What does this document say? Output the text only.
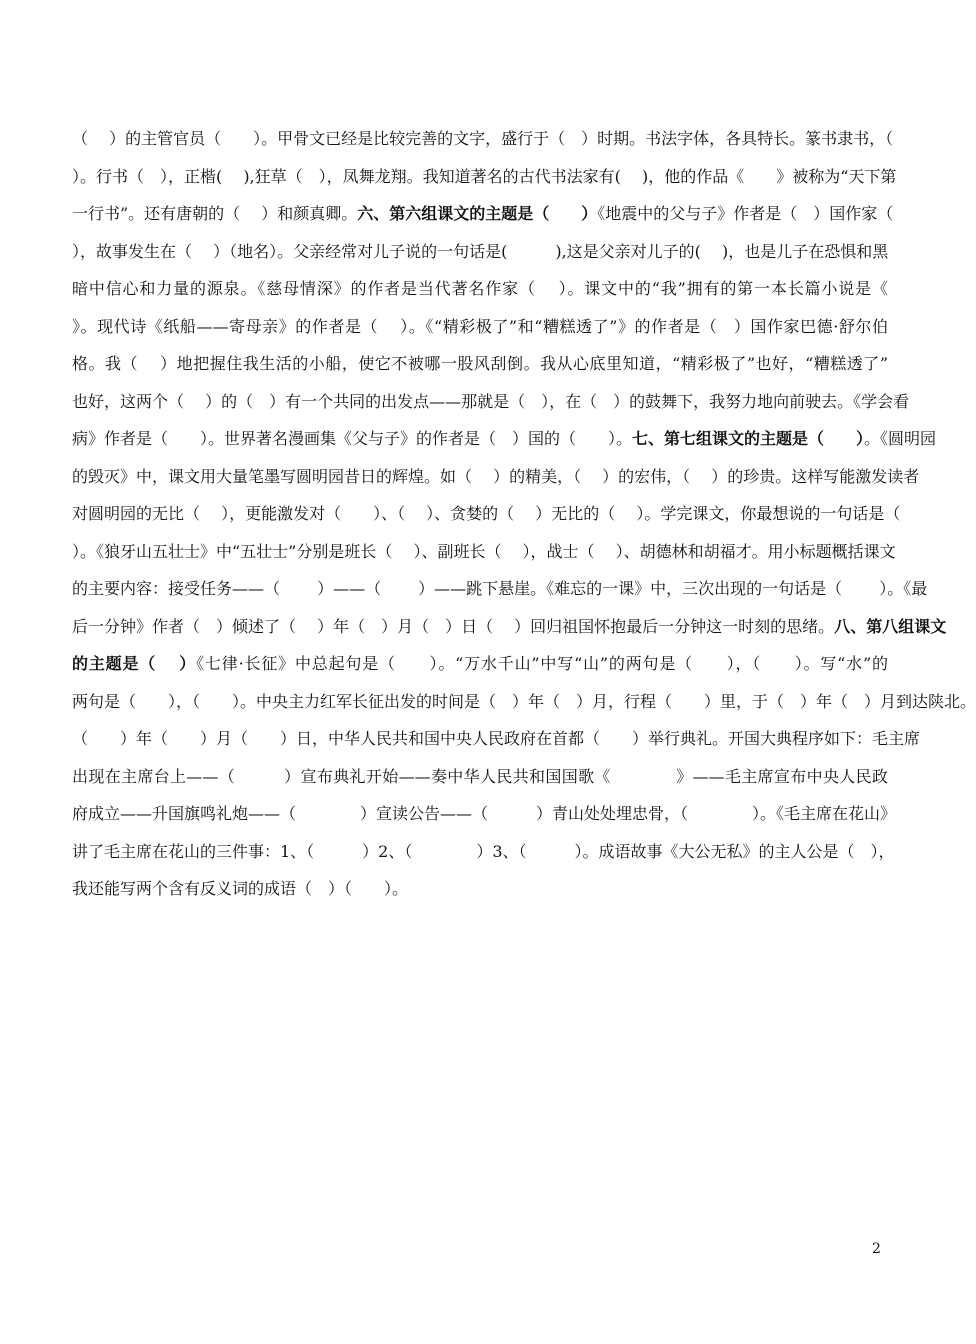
（　 ）的主管官员（　　）。甲骨文已经是比较完善的文字，盛行于（　）时期。书法字体，各具特长。篆书隶书，（
）。行书（　），正楷(　 ),狂草（　），凤舞龙翔。我知道著名的古代书法家有(　 )，他的作品《　　》被称为“天下第
一行书”。还有唐朝的（　 ）和颜真卿。六、第六组课文的主题是（　　）《地震中的父与子》作者是（　）国作家（
），故事发生在（　 ）（地名）。父亲经常对儿子说的一句话是(　　　),这是父亲对儿子的(　 )，也是儿子在恐惧和黑
暗中信心和力量的源泉。《慈母情深》的作者是当代著名作家（　 ）。课文中的“我”拥有的第一本长篇小说是《
》。现代诗《纸船——寄母亲》的作者是（　 ）。《“精彩极了”和“糟糕透了”》的作者是（　）国作家巴德·舒尔伯
格。我（　 ）地把握住我生活的小船，使它不被哪一股风刮倒。我从心底里知道，“精彩极了”也好，“糟糕透了”
也好，这两个（　 ）的（　）有一个共同的出发点——那就是（　），在（　）的鼓舞下，我努力地向前驶去。《学会看
病》作者是（　　）。世界著名漫画集《父与子》的作者是（　）国的（　　）。七、第七组课文的主题是（　　）。《圆明园
的毁灭》中，课文用大量笔墨写圆明园昔日的辉煌。如（　 ）的精美，（　 ）的宏伟，（　 ）的珍贵。这样写能激发读者
对圆明园的无比（　 ），更能激发对（　　）、（　 ）、贪婪的（　 ）无比的（　 ）。学完课文，你最想说的一句话是（
）。《狼牙山五壮士》中“五壮士”分别是班长（　 ）、副班长（　 ），战士（　 ）、胡德林和胡福才。用小标题概括课文
的主要内容：接受任务——（　　 ）——（　　 ）——跳下悬崖。《难忘的一课》中，三次出现的一句话是（　　 ）。《最
后一分钟》作者（　）倾述了（　 ）年（　）月（　）日（　 ）回归祖国怀抱最后一分钟这一时刻的思绪。八、第八组课文
的主题是（　 ）《七律·长征》中总起句是（　　）。“万水千山”中写“山”的两句是（　　），（　　）。写“水”的
两句是（　　），（　　）。中央主力红军长征出发的时间是（　）年（　）月，行程（　　）里，于（　）年（　）月到达陕北。
（　　）年（　　）月（　　）日，中华人民共和国中央人民政府在首都（　　）举行典礼。开国大典程序如下：毛主席
出现在主席台上——（　　　）宣布典礼开始——奏中华人民共和国国歌《　　　　》——毛主席宣布中央人民政
府成立——升国旗鸣礼炮——（　　　　）宣读公告——（　　　）青山处处埋忠骨，（　　　　）。《毛主席在花山》
讲了毛主席在花山的三件事：1、（　　　）2、（　　　　）3、（　　　）。成语故事《大公无私》的主人公是（　），
我还能写两个含有反义词的成语（　）（　　）。
2
